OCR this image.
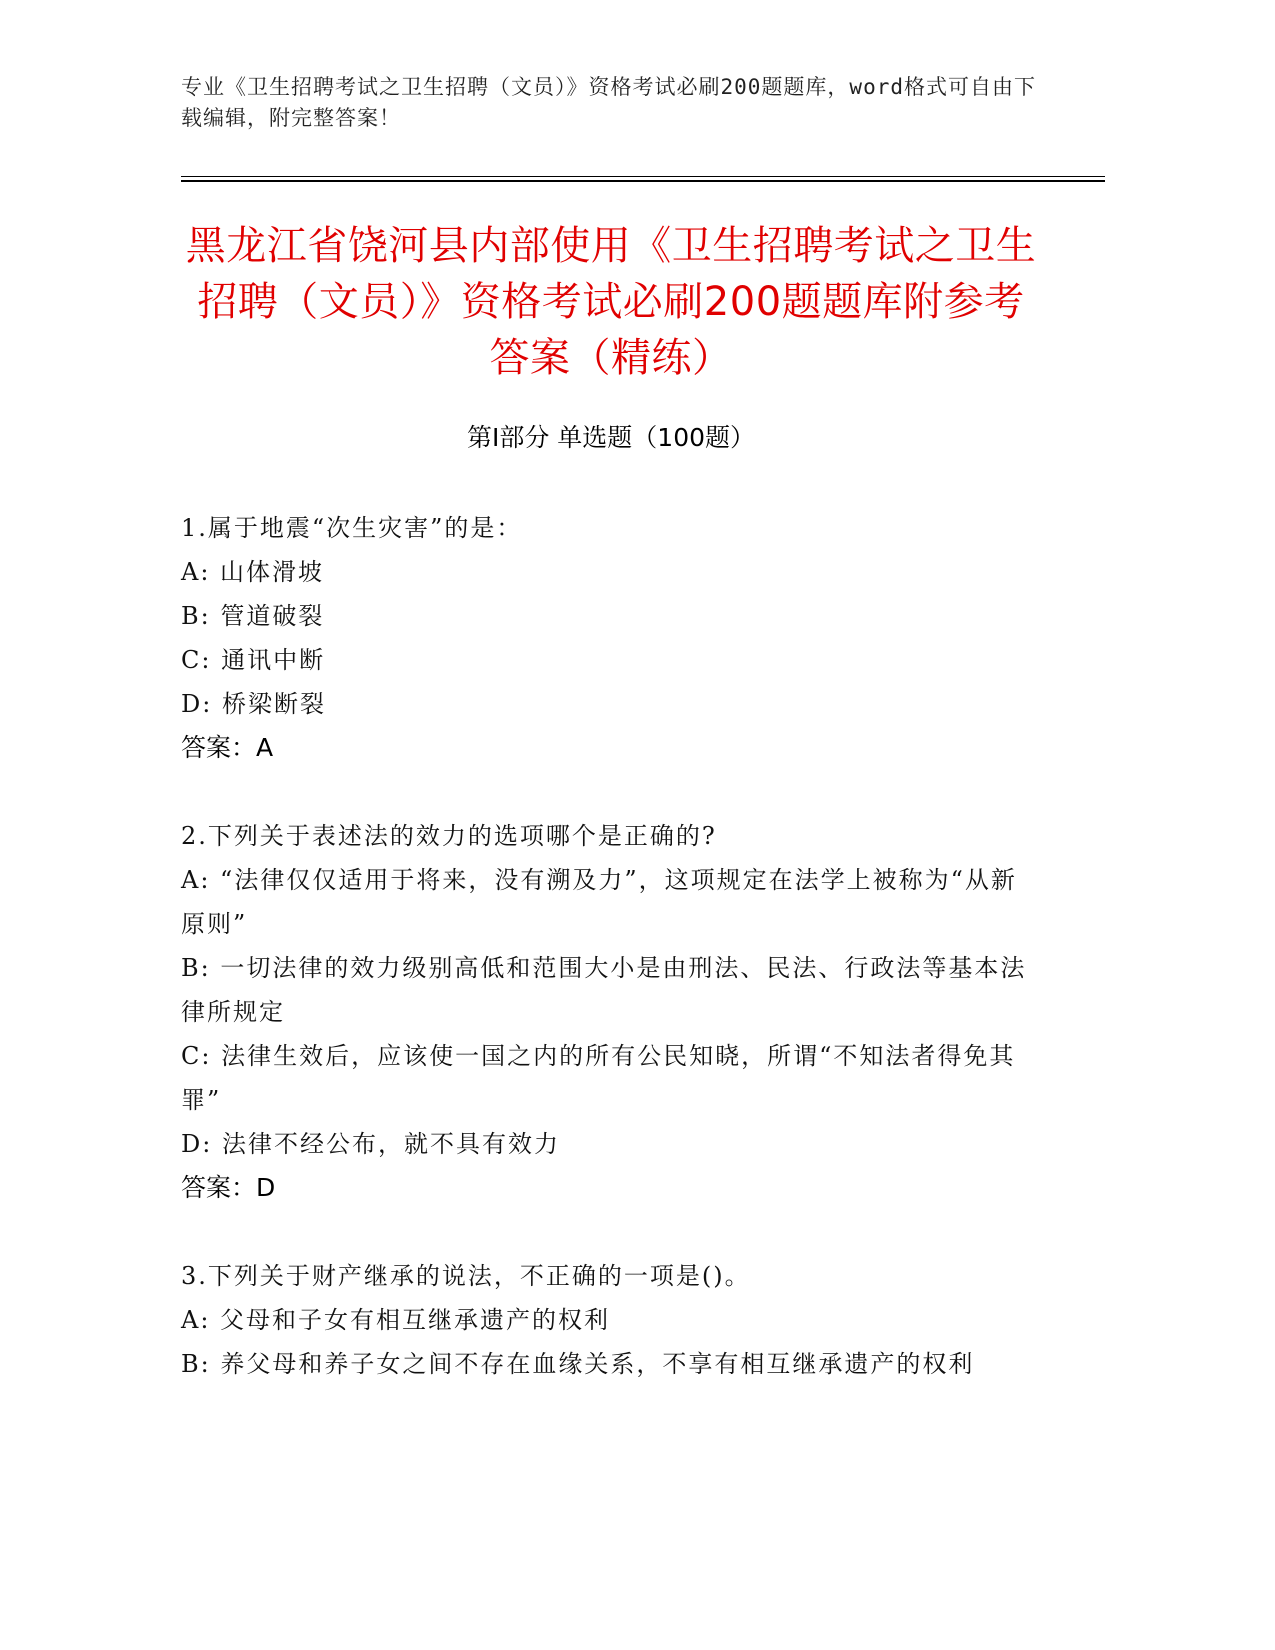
专业《卫生招聘考试之卫生招聘（文员）》资格考试必刷200题题库，word格式可自由下载编辑，附完整答案！
黑龙江省饶河县内部使用《卫生招聘考试之卫生招聘（文员）》资格考试必刷200题题库附参考答案（精练）
第I部分 单选题（100题）
1.属于地震“次生灾害”的是：
A: 山体滑坡
B: 管道破裂
C: 通讯中断
D: 桥梁断裂
答案：A
2.下列关于表述法的效力的选项哪个是正确的?
A: “法律仅仅适用于将来，没有溯及力”，这项规定在法学上被称为“从新原则”
B: 一切法律的效力级别高低和范围大小是由刑法、民法、行政法等基本法律所规定
C: 法律生效后，应该使一国之内的所有公民知晓，所谓“不知法者得免其罪”
D: 法律不经公布，就不具有效力
答案：D
3.下列关于财产继承的说法，不正确的一项是()。
A: 父母和子女有相互继承遗产的权利
B: 养父母和养子女之间不存在血缘关系，不享有相互继承遗产的权利
